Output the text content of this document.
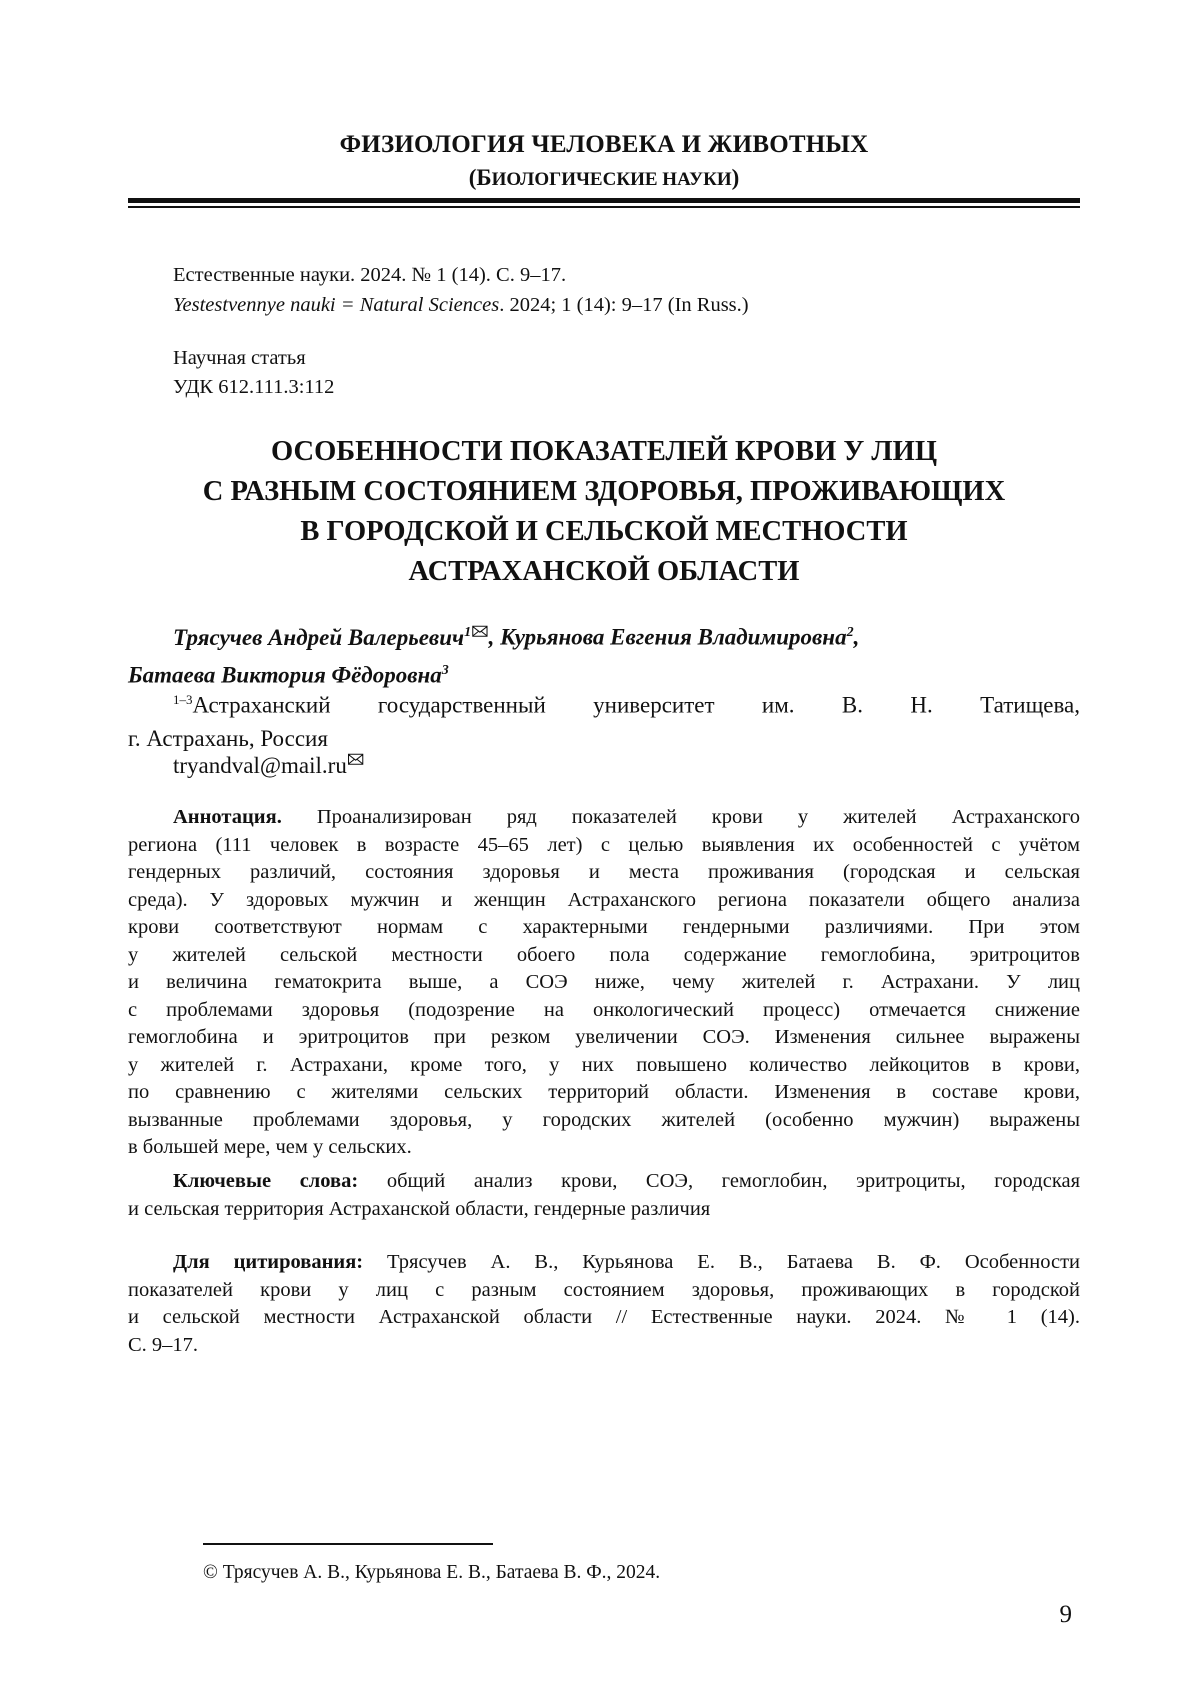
ФИЗИОЛОГИЯ ЧЕЛОВЕКА И ЖИВОТНЫХ
(БИОЛОГИЧЕСКИЕ НАУКИ)
Естественные науки. 2024. № 1 (14). С. 9–17.
Yestestvennye nauki = Natural Sciences. 2024; 1 (14): 9–17 (In Russ.)
Научная статья
УДК 612.111.3:112
ОСОБЕННОСТИ ПОКАЗАТЕЛЕЙ КРОВИ У ЛИЦ
С РАЗНЫМ СОСТОЯНИЕМ ЗДОРОВЬЯ, ПРОЖИВАЮЩИХ
В ГОРОДСКОЙ И СЕЛЬСКОЙ МЕСТНОСТИ
АСТРАХАНСКОЙ ОБЛАСТИ
Трясучев Андрей Валерьевич$^1$🖂, Курьянова Евгения Владимировна$^2$,
Батаева Виктория Фёдоровна$^3$
$^{1-3}$Астраханский государственный университет им. В. Н. Татищева,
г. Астрахань, Россия
tryandval@mail.ru🖂
Аннотация. Проанализирован ряд показателей крови у жителей Астраханского
региона (111 человек в возрасте 45–65 лет) с целью выявления их особенностей с учётом
гендерных различий, состояния здоровья и места проживания (городская и сельская
среда). У здоровых мужчин и женщин Астраханского региона показатели общего анализа
крови соответствуют нормам с характерными гендерными различиями. При этом
у жителей сельской местности обоего пола содержание гемоглобина, эритроцитов
и величина гематокрита выше, а СОЭ ниже, чему жителей г. Астрахани. У лиц
с проблемами здоровья (подозрение на онкологический процесс) отмечается снижение
гемоглобина и эритроцитов при резком увеличении СОЭ. Изменения сильнее выражены
у жителей г. Астрахани, кроме того, у них повышено количество лейкоцитов в крови,
по сравнению с жителями сельских территорий области. Изменения в составе крови,
вызванные проблемами здоровья, у городских жителей (особенно мужчин) выражены
в большей мере, чем у сельских.
Ключевые слова: общий анализ крови, СОЭ, гемоглобин, эритроциты, городская
и сельская территория Астраханской области, гендерные различия
Для цитирования: Трясучев А. В., Курьянова Е. В., Батаева В. Ф. Особенности
показателей крови у лиц с разным состоянием здоровья, проживающих в городской
и сельской местности Астраханской области // Естественные науки. 2024. № 1 (14).
С. 9–17.
© Трясучев А. В., Курьянова Е. В., Батаева В. Ф., 2024.
9
